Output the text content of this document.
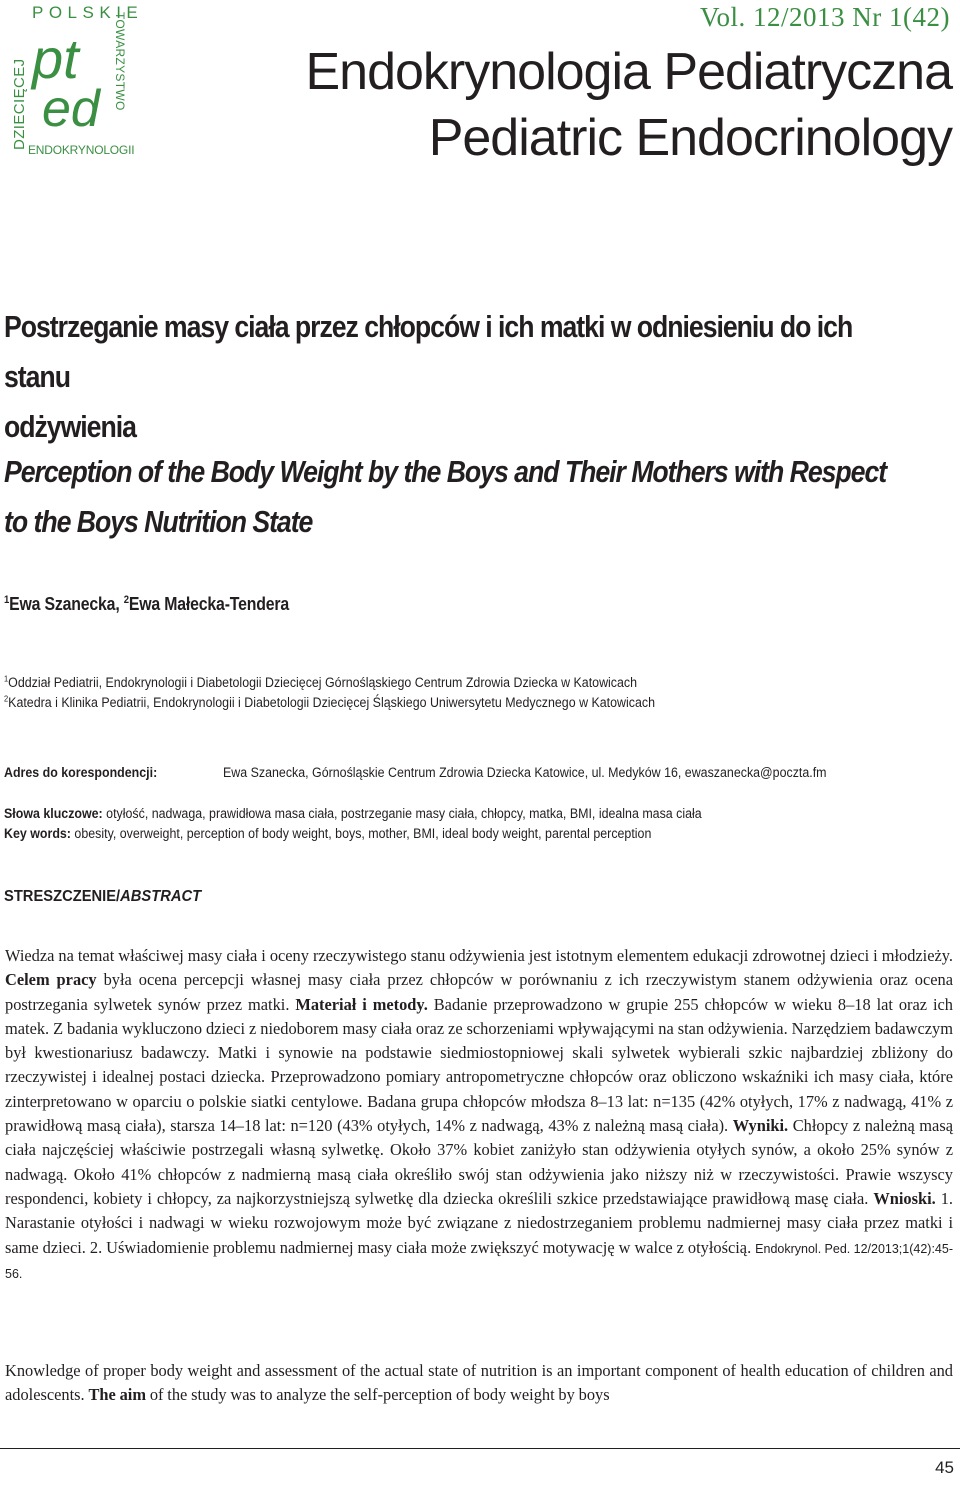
POLSKIE
DZIECIĘCEJ	TOWARZYSTWO
pt
ed
ENDOKRYNOLOGII
Vol. 12/2013 Nr 1(42)
Endokrynologia Pediatryczna
Pediatric Endocrinology
Postrzeganie masy ciała przez chłopców i ich matki w odniesieniu do ich stanu
odżywienia
Perception of the Body Weight by the Boys and Their Mothers with Respect
to the Boys Nutrition State
$^1$Ewa Szanecka, $^2$Ewa Małecka-Tendera
$^1$Oddział Pediatrii, Endokrynologii i Diabetologii Dziecięcej Górnośląskiego Centrum Zdrowia Dziecka w Katowicach
$^2$Katedra i Klinika Pediatrii, Endokrynologii i Diabetologii Dziecięcej Śląskiego Uniwersytetu Medycznego w Katowicach
Adres do korespondencji:	Ewa Szanecka, Górnośląskie Centrum Zdrowia Dziecka Katowice, ul. Medyków 16, ewaszanecka@poczta.fm
Słowa kluczowe: otyłość, nadwaga, prawidłowa masa ciała, postrzeganie masy ciała, chłopcy, matka, BMI, idealna masa ciała
Key words: obesity, overweight, perception of body weight, boys, mother, BMI, ideal body weight, parental perception
STRESZCZENIE/ABSTRACT
Wiedza na temat właściwej masy ciała i oceny rzeczywistego stanu odżywienia jest istotnym elementem edukacji zdrowotnej dzieci i młodzieży. Celem pracy była ocena percepcji własnej masy ciała przez chłopców w porównaniu z ich rzeczywistym stanem odżywienia oraz ocena postrzegania sylwetek synów przez matki. Materiał i metody. Badanie przeprowadzono w grupie 255 chłopców w wieku 8–18 lat oraz ich matek. Z badania wykluczono dzieci z niedoborem masy ciała oraz ze schorzeniami wpływającymi na stan odżywienia. Narzędziem badawczym był kwestionariusz badawczy. Matki i synowie na podstawie siedmiostopniowej skali sylwetek wybierali szkic najbardziej zbliżony do rzeczywistej i idealnej postaci dziecka. Przeprowadzono pomiary antropometryczne chłopców oraz obliczono wskaźniki ich masy ciała, które zinterpretowano w oparciu o polskie siatki centylowe. Badana grupa chłopców młodsza 8–13 lat: n=135 (42% otyłych, 17% z nadwagą, 41% z prawidłową masą ciała), starsza 14–18 lat: n=120 (43% otyłych, 14% z nadwagą, 43% z należną masą ciała). Wyniki. Chłopcy z należną masą ciała najczęściej właściwie postrzegali własną sylwetkę. Około 37% kobiet zaniżyło stan odżywienia otyłych synów, a około 25% synów z nadwagą. Około 41% chłopców z nadmierną masą ciała określiło swój stan odżywienia jako niższy niż w rzeczywistości. Prawie wszyscy respondenci, kobiety i chłopcy, za najkorzystniejszą sylwetkę dla dziecka określili szkice przedstawiające prawidłową masę ciała. Wnioski. 1. Narastanie otyłości i nadwagi w wieku rozwojowym może być związane z niedostrzeganiem problemu nadmiernej masy ciała przez matki i same dzieci. 2. Uświadomienie problemu nadmiernej masy ciała może zwiększyć motywację w walce z otyłością. Endokrynol. Ped. 12/2013;1(42):45-56.
Knowledge of proper body weight and assessment of the actual state of nutrition is an important component of health education of children and adolescents. The aim of the study was to analyze the self-perception of body weight by boys
45
